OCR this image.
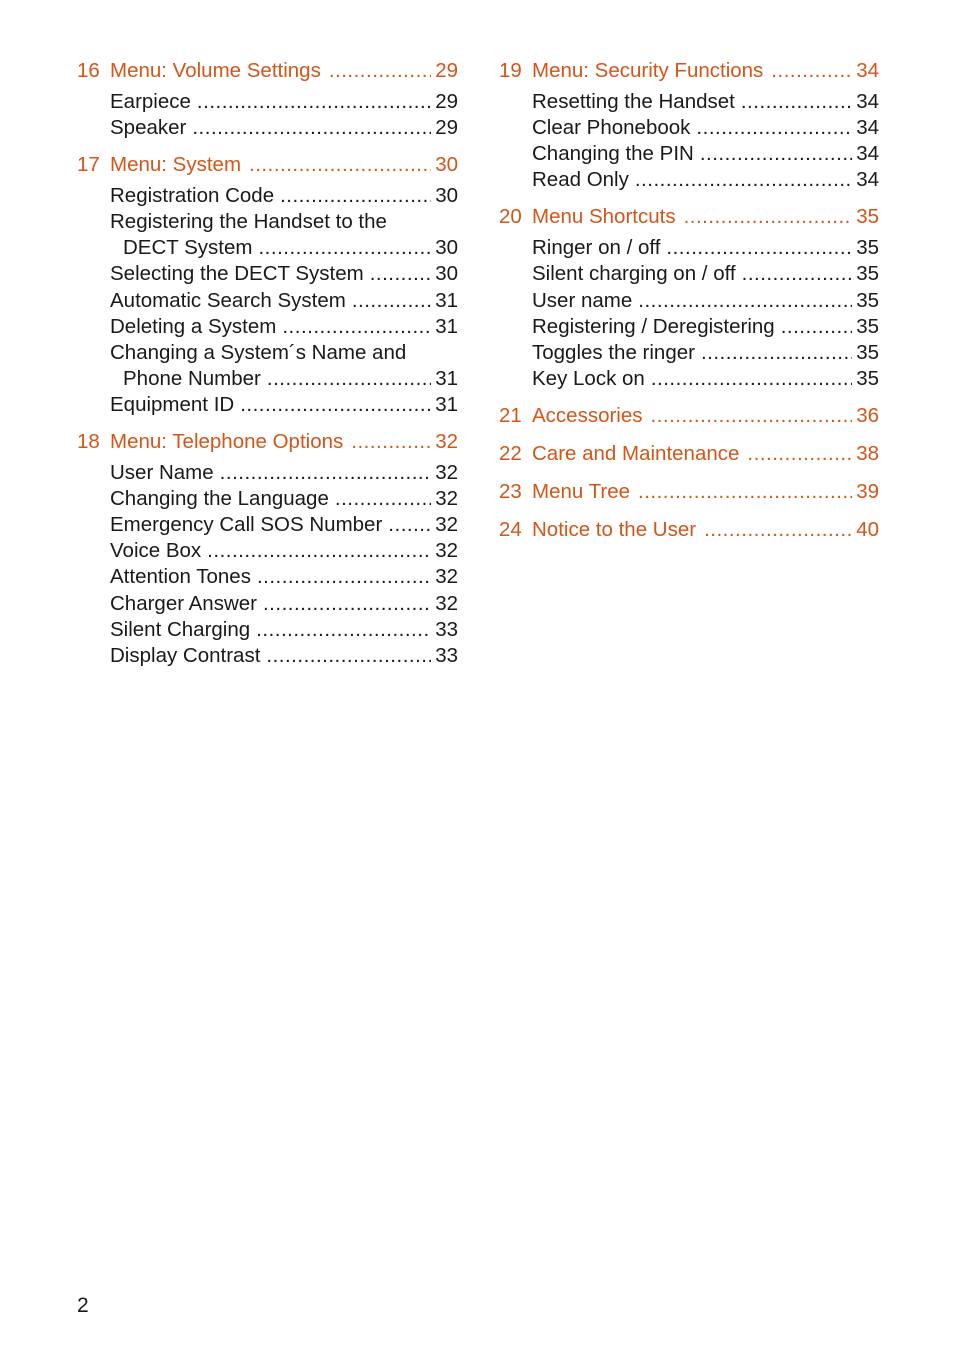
16 Menu: Volume Settings .....	29
Earpiece .....	29
Speaker .....	29
17 Menu: System .....	30
Registration Code .....	30
Registering the Handset to the
DECT System .....	30
Selecting the DECT System .....	30
Automatic Search System .....	31
Deleting a System .....	31
Changing a System´s Name and
Phone Number .....	31
Equipment ID .....	31
18 Menu: Telephone Options .....	32
User Name .....	32
Changing the Language .....	32
Emergency Call SOS Number .....	32
Voice Box .....	32
Attention Tones .....	32
Charger Answer .....	32
Silent Charging .....	33
Display Contrast .....	33
19 Menu: Security Functions .....	34
Resetting the Handset .....	34
Clear Phonebook .....	34
Changing the PIN .....	34
Read Only .....	34
20 Menu Shortcuts .....	35
Ringer on / off .....	35
Silent charging on / off .....	35
User name .....	35
Registering / Deregistering .....	35
Toggles the ringer .....	35
Key Lock on .....	35
21 Accessories .....	36
22 Care and Maintenance .....	38
23 Menu Tree .....	39
24 Notice to the User .....	40
2
